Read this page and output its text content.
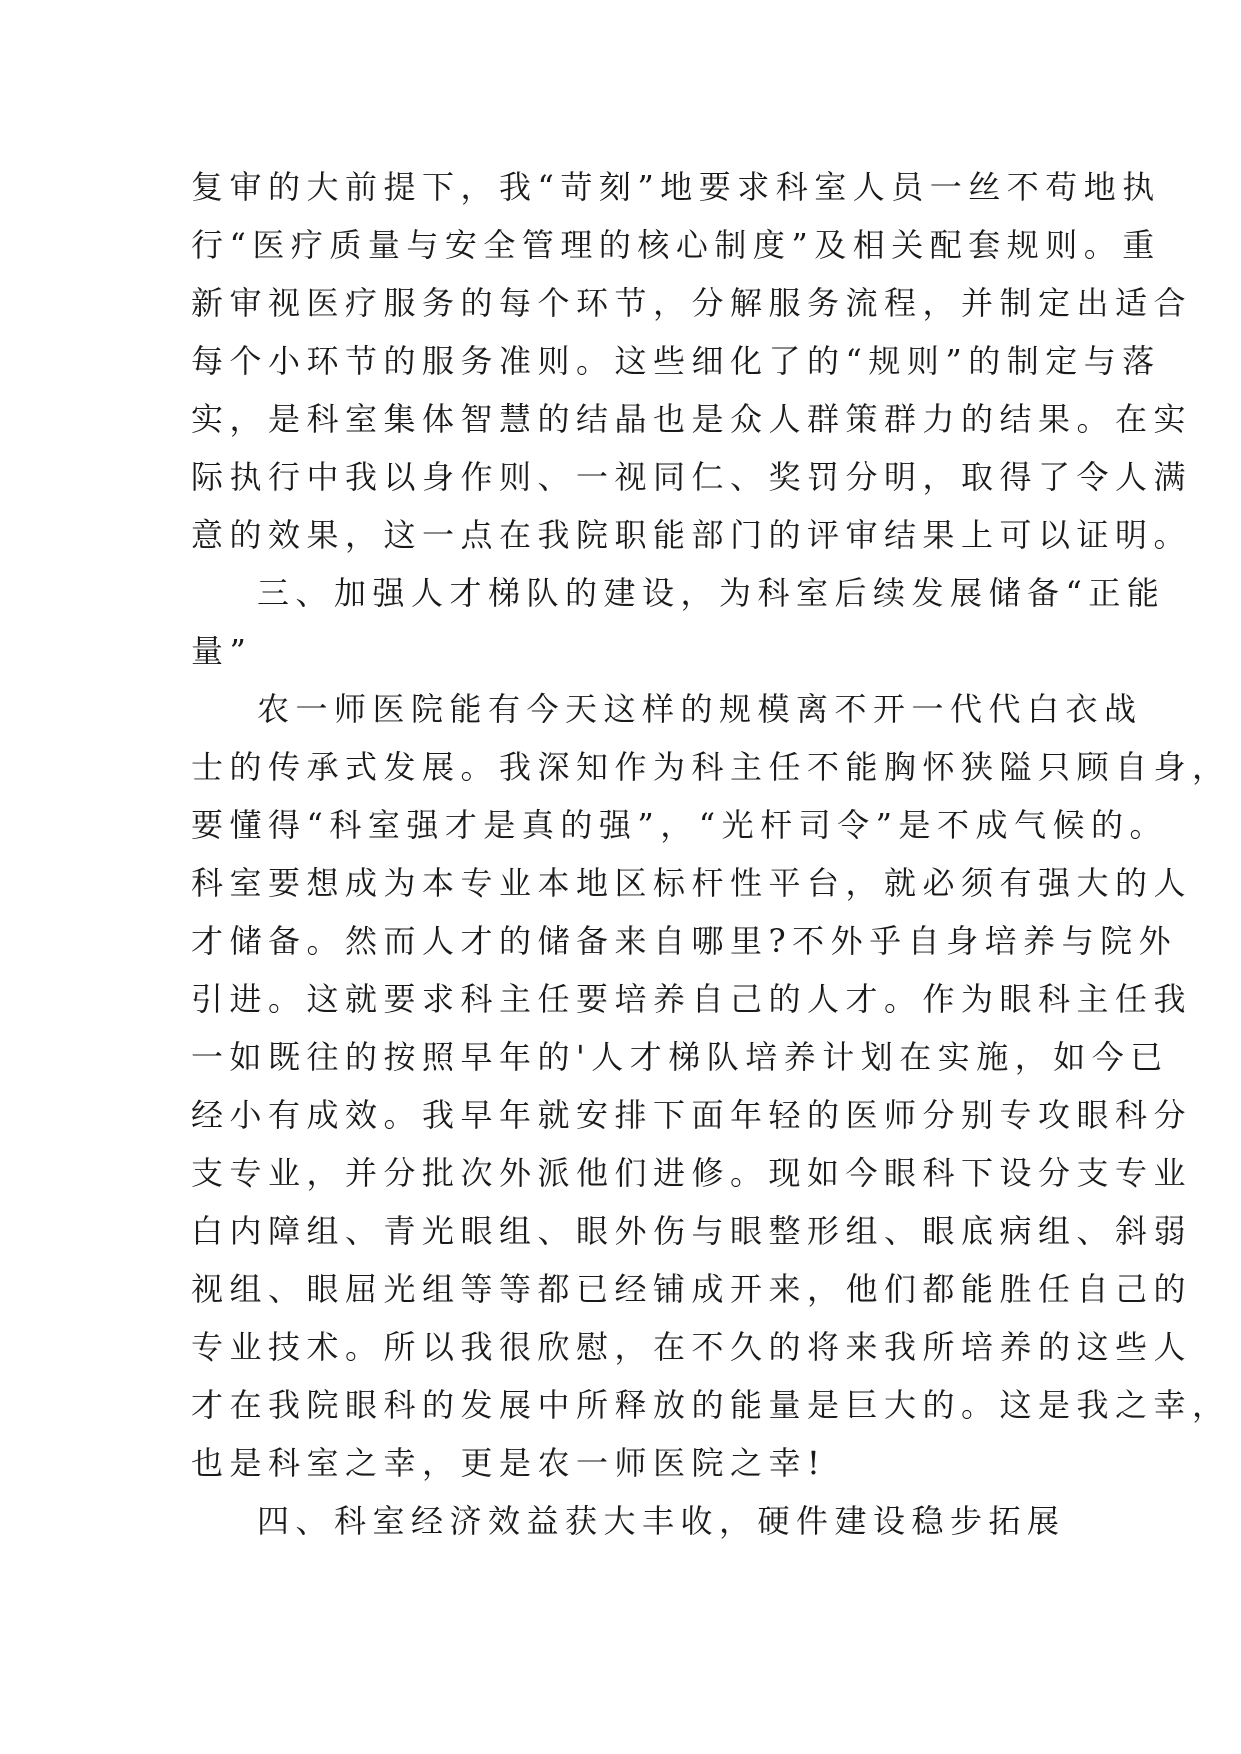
复审的大前提下，我“苛刻”地要求科室人员一丝不苟地执
行“医疗质量与安全管理的核心制度”及相关配套规则。重
新审视医疗服务的每个环节，分解服务流程，并制定出适合
每个小环节的服务准则。这些细化了的“规则”的制定与落
实，是科室集体智慧的结晶也是众人群策群力的结果。在实
际执行中我以身作则、一视同仁、奖罚分明，取得了令人满
意的效果，这一点在我院职能部门的评审结果上可以证明。
三、加强人才梯队的建设，为科室后续发展储备“正能
量”
农一师医院能有今天这样的规模离不开一代代白衣战
士的传承式发展。我深知作为科主任不能胸怀狭隘只顾自身，
要懂得“科室强才是真的强”，“光杆司令”是不成气候的。
科室要想成为本专业本地区标杆性平台，就必须有强大的人
才储备。然而人才的储备来自哪里?不外乎自身培养与院外
引进。这就要求科主任要培养自己的人才。作为眼科主任我
一如既往的按照早年的'人才梯队培养计划在实施，如今已
经小有成效。我早年就安排下面年轻的医师分别专攻眼科分
支专业，并分批次外派他们进修。现如今眼科下设分支专业
白内障组、青光眼组、眼外伤与眼整形组、眼底病组、斜弱
视组、眼屈光组等等都已经铺成开来，他们都能胜任自己的
专业技术。所以我很欣慰，在不久的将来我所培养的这些人
才在我院眼科的发展中所释放的能量是巨大的。这是我之幸，
也是科室之幸，更是农一师医院之幸!
四、科室经济效益获大丰收，硬件建设稳步拓展
